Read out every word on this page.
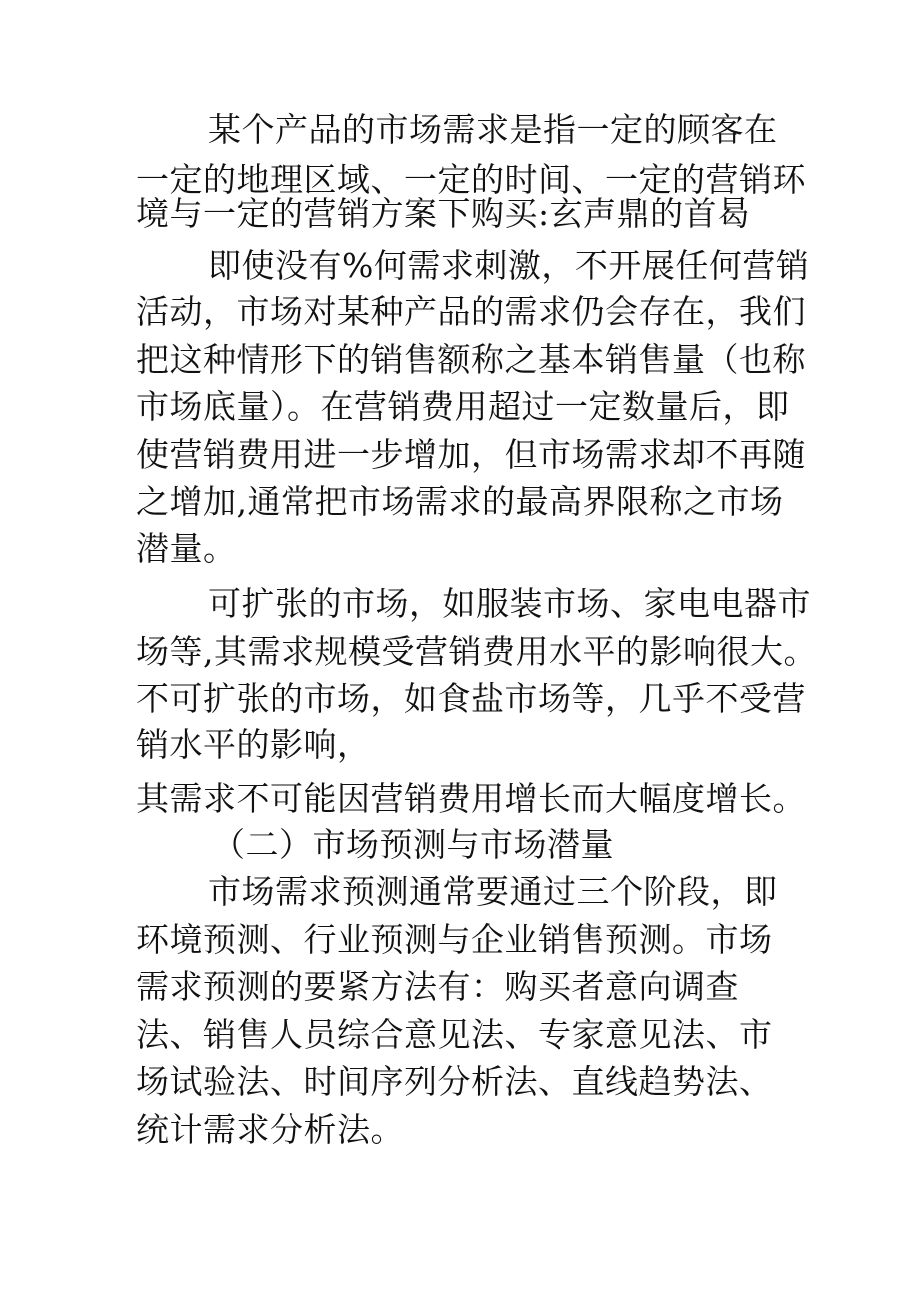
某个产品的市场需求是指一定的顾客在
一定的地理区域、一定的时间、一定的营销环
境与一定的营销方案下购买:玄声鼎的首曷
即使没有%何需求刺激，不开展任何营销
活动，市场对某种产品的需求仍会存在，我们
把这种情形下的销售额称之基本销售量（也称
市场底量）。在营销费用超过一定数量后，即
使营销费用进一步增加，但市场需求却不再随
之增加,通常把市场需求的最高界限称之市场
潜量。
可扩张的市场，如服装市场、家电电器市
场等,其需求规模受营销费用水平的影响很大。
不可扩张的市场，如食盐市场等，几乎不受营
销水平的影响，
其需求不可能因营销费用增长而大幅度增长。
（二）市场预测与市场潜量
市场需求预测通常要通过三个阶段，即
环境预测、行业预测与企业销售预测。市场
需求预测的要紧方法有：购买者意向调查
法、销售人员综合意见法、专家意见法、市
场试验法、时间序列分析法、直线趋势法、
统计需求分析法。
